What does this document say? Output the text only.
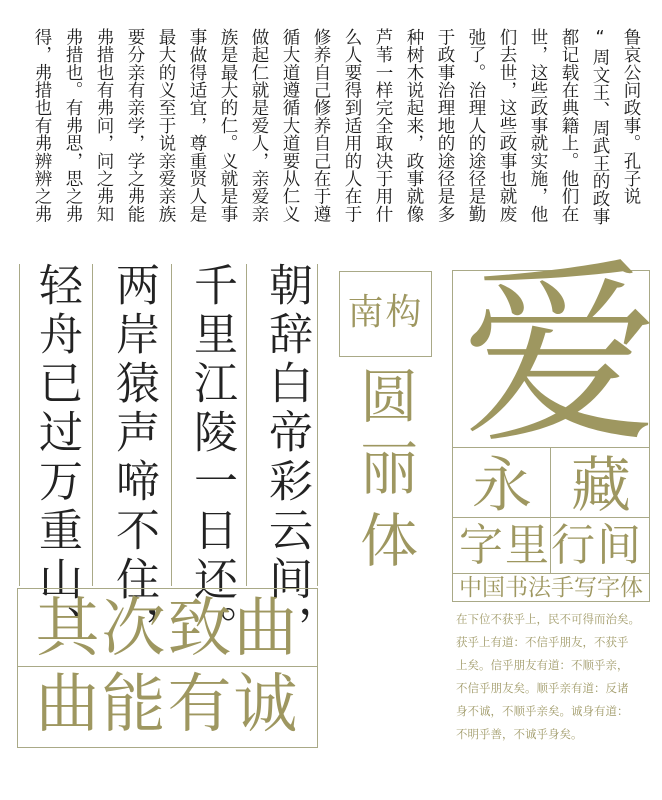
鲁哀公问政事。孔子说
“周文王、周武王的政事
都记载在典籍上。他们在
世，这些政事就实施，他
们去世，这些政事也就废
弛了。治理人的途径是勤
于政事治理地的途径是多
种树木说起来，政事就像
芦苇一样完全取决于用什
么人要得到适用的人在于
修养自己修养自己在于遵
循大道遵循大道要从仁义
做起仁就是爱人，亲爱亲
族是最大的仁。义就是事
事做得适宜，尊重贤人是
最大的义至于说亲爱亲族
要分亲有亲学，学之弗能
弗措也有弗问，问之弗知
弗措也。有弗思，思之弗
得，弗措也有弗辨辨之弗
朝辞白帝彩云间，
千里江陵一日还。
两岸猿声啼不住，
轻舟已过万重山、	南构
圆丽体
爱
永 藏
字里行间
中国书法手写字体
其次致曲
曲能有诚
在下位不获乎上，民不可得而治矣。
获乎上有道：不信乎朋友，不获乎
上矣。信乎朋友有道：不顺乎亲，
不信乎朋友矣。顺乎亲有道：反诸
身不诚，不顺乎亲矣。诚身有道：
不明乎善，不诚乎身矣。
